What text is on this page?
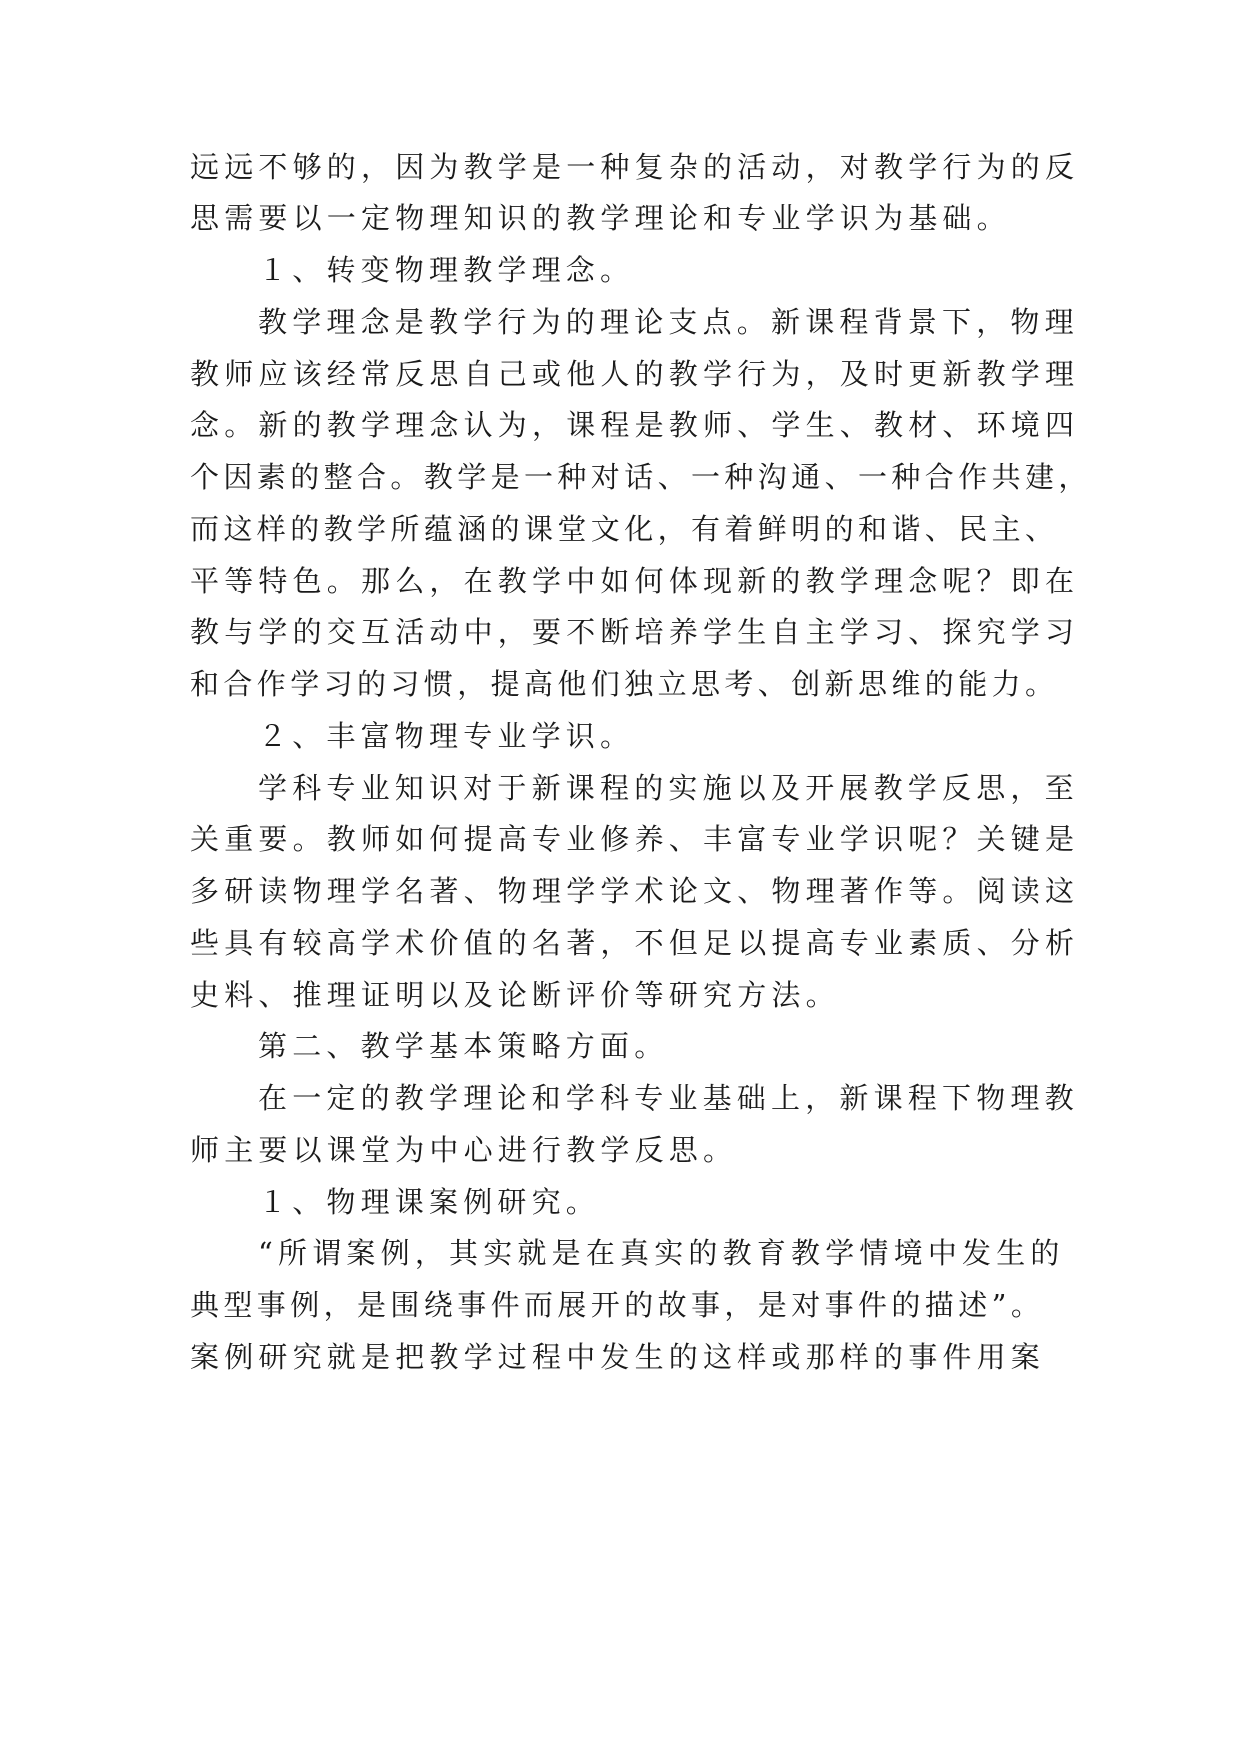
远远不够的，因为教学是一种复杂的活动，对教学行为的反
思需要以一定物理知识的教学理论和专业学识为基础。
１、转变物理教学理念。
教学理念是教学行为的理论支点。新课程背景下，物理
教师应该经常反思自己或他人的教学行为，及时更新教学理
念。新的教学理念认为，课程是教师、学生、教材、环境四
个因素的整合。教学是一种对话、一种沟通、一种合作共建，
而这样的教学所蕴涵的课堂文化，有着鲜明的和谐、民主、
平等特色。那么，在教学中如何体现新的教学理念呢？即在
教与学的交互活动中，要不断培养学生自主学习、探究学习
和合作学习的习惯，提高他们独立思考、创新思维的能力。
２、丰富物理专业学识。
学科专业知识对于新课程的实施以及开展教学反思，至
关重要。教师如何提高专业修养、丰富专业学识呢？关键是
多研读物理学名著、物理学学术论文、物理著作等。阅读这
些具有较高学术价值的名著，不但足以提高专业素质、分析
史料、推理证明以及论断评价等研究方法。
第二、教学基本策略方面。
在一定的教学理论和学科专业基础上，新课程下物理教
师主要以课堂为中心进行教学反思。
１、物理课案例研究。
“所谓案例，其实就是在真实的教育教学情境中发生的
典型事例，是围绕事件而展开的故事，是对事件的描述”。
案例研究就是把教学过程中发生的这样或那样的事件用案
